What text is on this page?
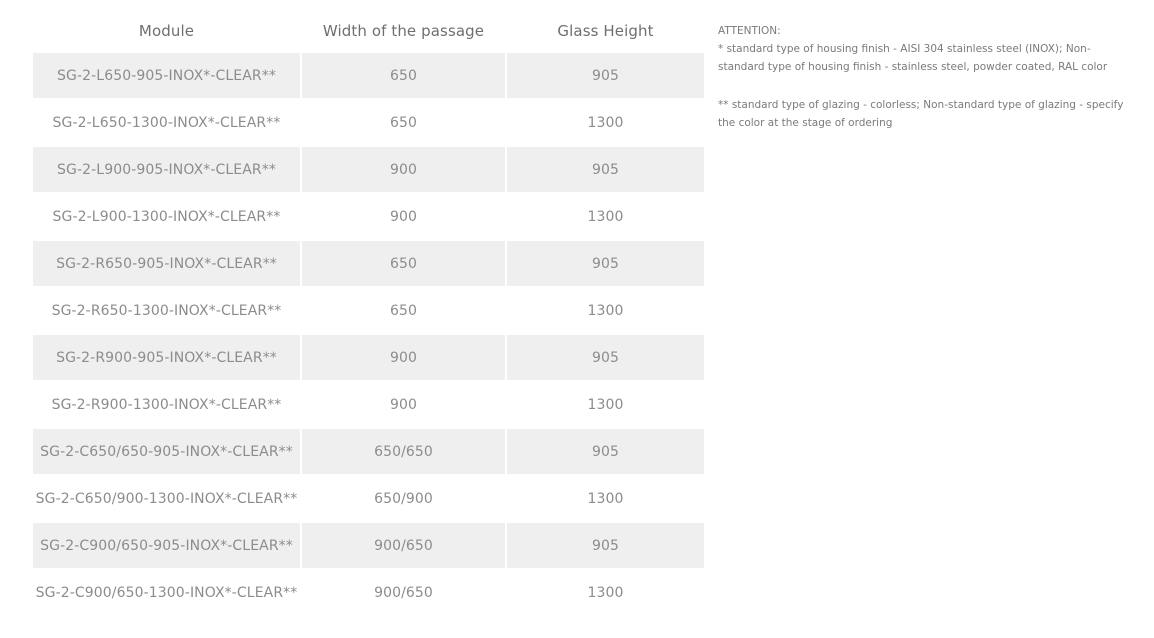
Module	Width of the passage	Glass Height
SG-2-L650-905-INOX*-CLEAR**	650	905
SG-2-L650-1300-INOX*-CLEAR**	650	1300
SG-2-L900-905-INOX*-CLEAR**	900	905
SG-2-L900-1300-INOX*-CLEAR**	900	1300
SG-2-R650-905-INOX*-CLEAR**	650	905
SG-2-R650-1300-INOX*-CLEAR**	650	1300
SG-2-R900-905-INOX*-CLEAR**	900	905
SG-2-R900-1300-INOX*-CLEAR**	900	1300
SG-2-C650/650-905-INOX*-CLEAR**	650/650	905
SG-2-C650/900-1300-INOX*-CLEAR**	650/900	1300
SG-2-C900/650-905-INOX*-CLEAR**	900/650	905
SG-2-C900/650-1300-INOX*-CLEAR**	900/650	1300

ATTENTION:

* standard type of housing finish - AISI 304 stainless steel (INOX); Non-standard type of housing finish - stainless steel, powder coated, RAL color

** standard type of glazing - colorless; Non-standard type of glazing - specify the color at the stage of ordering
